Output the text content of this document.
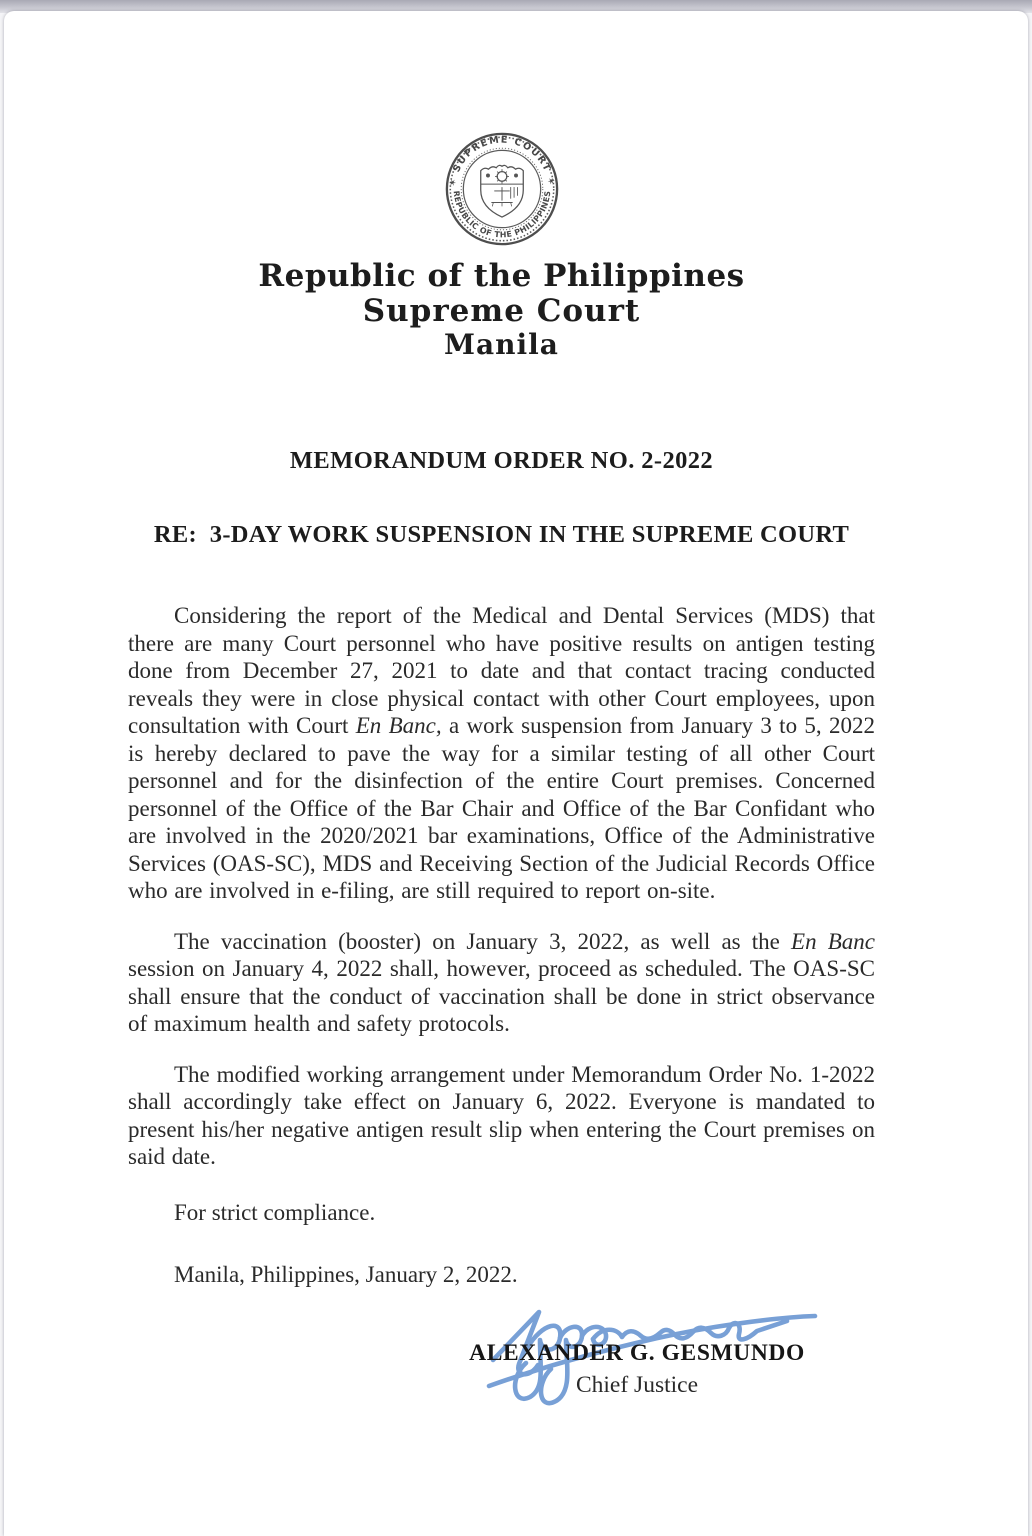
✶ SUPREME COURT ✶
REPUBLIC OF THE PHILIPPINES
Republic of the Philippines
Supreme Court
Manila
MEMORANDUM ORDER NO. 2-2022
RE:  3-DAY WORK SUSPENSION IN THE SUPREME COURT

Considering the report of the Medical and Dental Services (MDS) that there are many Court personnel who have positive results on antigen testing done from December 27, 2021 to date and that contact tracing conducted reveals they were in close physical contact with other Court employees, upon consultation with Court En Banc, a work suspension from January 3 to 5, 2022 is hereby declared to pave the way for a similar testing of all other Court personnel and for the disinfection of the entire Court premises. Concerned personnel of the Office of the Bar Chair and Office of the Bar Confidant who are involved in the 2020/2021 bar examinations, Office of the Administrative Services (OAS-SC), MDS and Receiving Section of the Judicial Records Office who are involved in e-filing, are still required to report on-site.

The vaccination (booster) on January 3, 2022, as well as the En Banc session on January 4, 2022 shall, however, proceed as scheduled. The OAS-SC shall ensure that the conduct of vaccination shall be done in strict observance of maximum health and safety protocols.

The modified working arrangement under Memorandum Order No. 1-2022 shall accordingly take effect on January 6, 2022. Everyone is mandated to present his/her negative antigen result slip when entering the Court premises on said date.

For strict compliance.
Manila, Philippines, January 2, 2022.
ALEXANDER G. GESMUNDO
Chief Justice
